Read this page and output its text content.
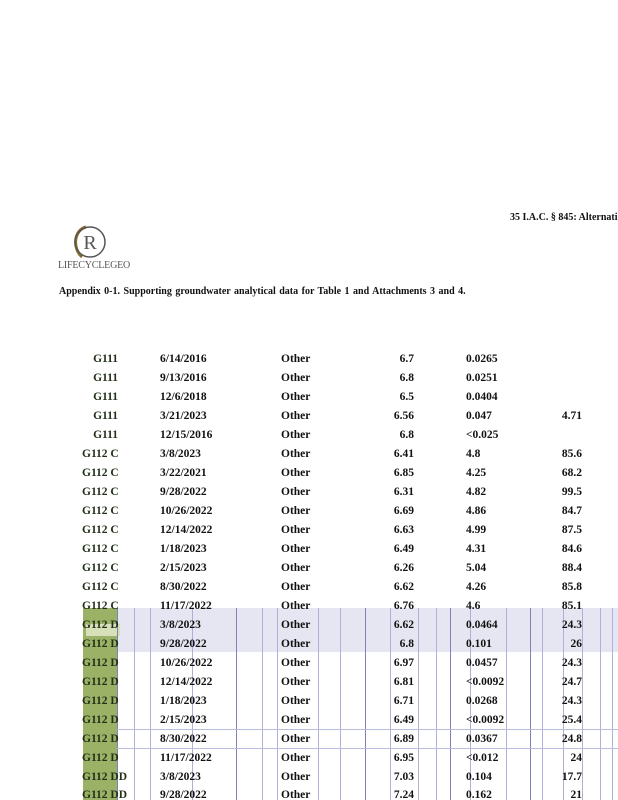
35 I.A.C. § 845: Alternati
R
LIFECYCLEGEO
Appendix 0-1. Supporting groundwater analytical data for Table 1 and Attachments 3 and 4.
G111	6/14/2016	Other	6.7	0.0265
G111	9/13/2016	Other	6.8	0.0251
G111	12/6/2018	Other	6.5	0.0404
G111	3/21/2023	Other	6.56	0.047	4.71
G111	12/15/2016	Other	6.8	<0.025
G112 C	3/8/2023	Other	6.41	4.8	85.6
G112 C	3/22/2021	Other	6.85	4.25	68.2
G112 C	9/28/2022	Other	6.31	4.82	99.5
G112 C	10/26/2022	Other	6.69	4.86	84.7
G112 C	12/14/2022	Other	6.63	4.99	87.5
G112 C	1/18/2023	Other	6.49	4.31	84.6
G112 C	2/15/2023	Other	6.26	5.04	88.4
G112 C	8/30/2022	Other	6.62	4.26	85.8
G112 C	11/17/2022	Other	6.76	4.6	85.1
G112 D	3/8/2023	Other	6.62	0.0464	24.3
G112 D	9/28/2022	Other	6.8	0.101	26
G112 D	10/26/2022	Other	6.97	0.0457	24.3
G112 D	12/14/2022	Other	6.81	<0.0092	24.7
G112 D	1/18/2023	Other	6.71	0.0268	24.3
G112 D	2/15/2023	Other	6.49	<0.0092	25.4
G112 D	8/30/2022	Other	6.89	0.0367	24.8
G112 D	11/17/2022	Other	6.95	<0.012	24
G112 DD	3/8/2023	Other	7.03	0.104	17.7
G112 DD	9/28/2022	Other	7.24	0.162	21
